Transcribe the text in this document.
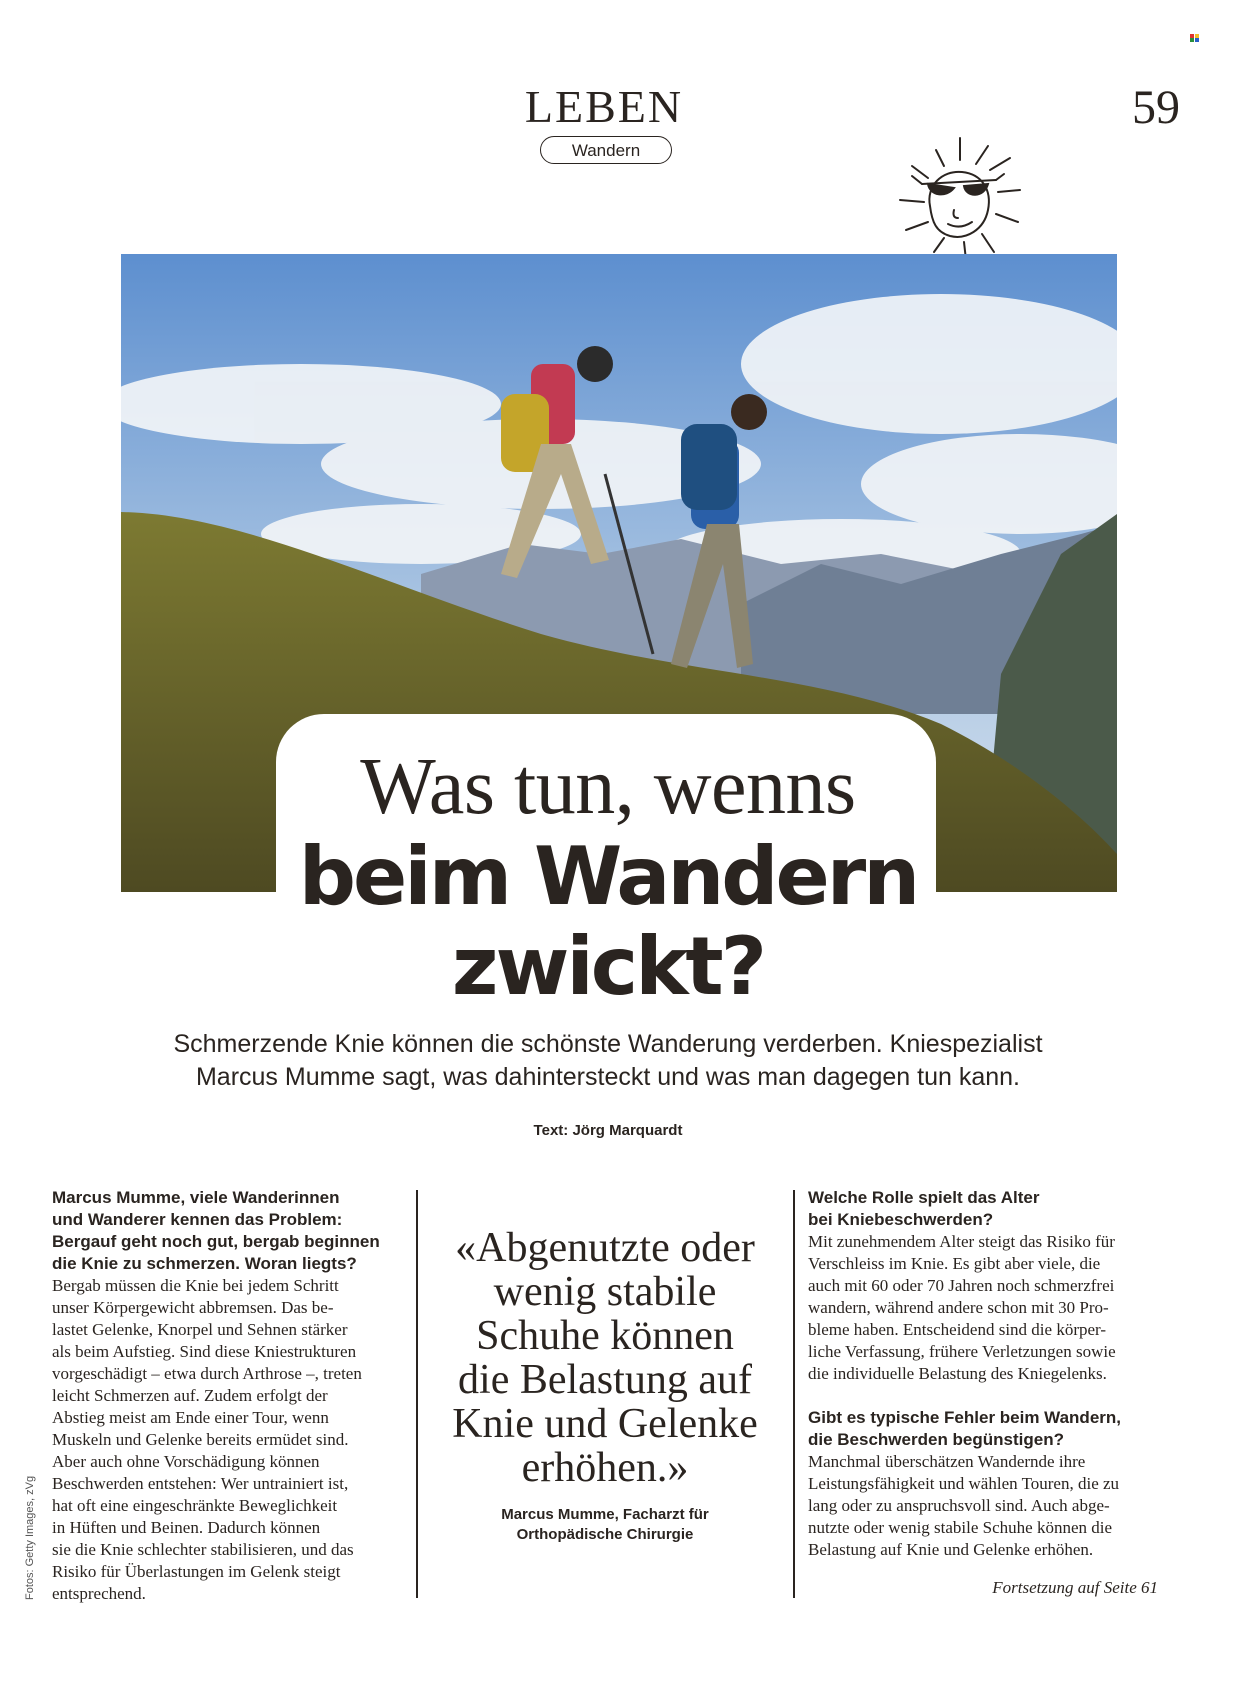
LEBEN	59
Wandern
Was tun, wenns
beim Wandern
zwickt?
Schmerzende Knie können die schönste Wanderung verderben. Kniespezialist
Marcus Mumme sagt, was dahintersteckt und was man dagegen tun kann.
Text: Jörg Marquardt

Marcus Mumme, viele Wanderinnen

und Wanderer kennen das Problem:

Bergauf geht noch gut, bergab beginnen

die Knie zu schmerzen. Woran liegts?

Bergab müssen die Knie bei jedem Schritt

unser Körpergewicht abbremsen. Das be-

lastet Gelenke, Knorpel und Sehnen stärker

als beim Aufstieg. Sind diese Kniestrukturen

vorgeschädigt – etwa durch Arthrose –, treten

leicht Schmerzen auf. Zudem erfolgt der

Abstieg meist am Ende einer Tour, wenn

Muskeln und Gelenke bereits ermüdet sind.

Aber auch ohne Vorschädigung können

Beschwerden entstehen: Wer untrainiert ist,

hat oft eine eingeschränkte Beweglichkeit

in Hüften und Beinen. Dadurch können

sie die Knie schlechter stabilisieren, und das

Risiko für Überlastungen im Gelenk steigt

entsprechend.

«Abgenutzte oder
wenig stabile
Schuhe können
die Belastung auf
Knie und Gelenke
erhöhen.»
Marcus Mumme, Facharzt für
Orthopädische Chirurgie

Welche Rolle spielt das Alter

bei Kniebeschwerden?

Mit zunehmendem Alter steigt das Risiko für

Verschleiss im Knie. Es gibt aber viele, die

auch mit 60 oder 70 Jahren noch schmerzfrei

wandern, während andere schon mit 30 Pro-

bleme haben. Entscheidend sind die körper-

liche Verfassung, frühere Verletzungen sowie

die individuelle Belastung des Kniegelenks.

Gibt es typische Fehler beim Wandern,

die Beschwerden begünstigen?

Manchmal überschätzen Wandernde ihre

Leistungsfähigkeit und wählen Touren, die zu

lang oder zu anspruchsvoll sind. Auch abge-

nutzte oder wenig stabile Schuhe können die

Belastung auf Knie und Gelenke erhöhen.

Fortsetzung auf Seite 61
Fotos: Getty Images, zVg
